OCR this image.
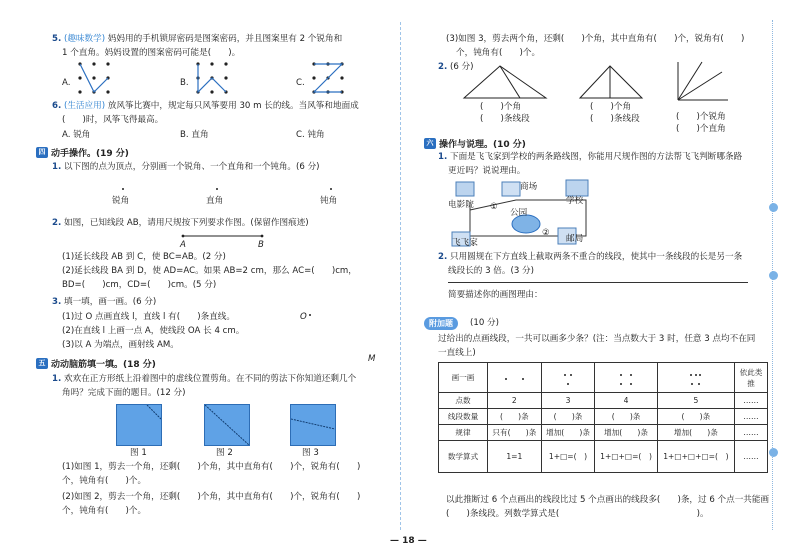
5. (趣味数学) 妈妈用的手机锁屏密码是图案密码，并且图案里有 2 个锐角和
1 个直角。妈妈设置的图案密码可能是(　　)。
A.	B.	C.
6. (生活应用) 放风筝比赛中，规定每只风筝要用 30 m 长的线。当风筝和地面成
(　　)时，风筝飞得最高。
A. 锐角	B. 直角	C. 钝角
四 动手操作。(19 分)
1. 以下图的点为顶点，分别画一个锐角、一个直角和一个钝角。(6 分)
锐角	直角	钝角
2. 如图，已知线段 AB，请用尺规按下列要求作图。(保留作图痕迹)
A	B
(1)延长线段 AB 到 C，使 BC=AB。(2 分)
(2)延长线段 BA 到 D，使 AD=AC。如果 AB=2 cm，那么 AC=(　　)cm，
BD=(　　)cm，CD=(　　)cm。(5 分)
3. 填一填，画一画。(6 分)
O
(1)过 O 点画直线 l，直线 l 有(　　)条直线。
(2)在直线 l 上画一点 A，使线段 OA 长 4 cm。
(3)以 A 为端点，画射线 AM。
五 动动脑筋填一填。(18 分)
M
1. 欢欢在正方形纸上沿着图中的虚线位置剪角。在不同的剪法下你知道还剩几个
角吗？完成下面的题目。(12 分)
图 1	图 2	图 3
(1)如图 1，剪去一个角，还剩(　　)个角，其中直角有(　　)个，锐角有(　　)
个，钝角有(　　)个。
(2)如图 2，剪去一个角，还剩(　　)个角，其中直角有(　　)个，锐角有(　　)
个，钝角有(　　)个。
(3)如图 3，剪去两个角，还剩(　　)个角，其中直角有(　　)个，锐角有(　　)
个，钝角有(　　)个。
2. (6 分)
(　　)个角
(　　)条线段
(　　)个角
(　　)条线段	(　　)个锐角
(　　)个直角
六 操作与说理。(10 分)
1. 下面是飞飞家到学校的两条路线图，你能用尺规作图的方法帮飞飞判断哪条路
更近吗？说说理由。
商场
学校
电影院
公园
飞飞家	邮局
①
②
2. 只用圆规在下方直线上截取两条不重合的线段，使其中一条线段的长是另一条
线段长的 3 倍。(3 分)
简要描述你的画图理由：
附加题	(10 分)
过给出的点画线段，一共可以画多少条？(注：当点数大于 3 时，任意 3 点均不在同
一直线上)
画一画					依此类推
点数	2	3	4	5	……
线段数量	(　　)条	(　　)条	(　　)条	(　　)条	……
规律	只有(　　)条	增加(　　)条	增加(　　)条	增加(　　)条	……
数学算式	1=1	1+□=(　)	1+□+□=(　)	1+□+□+□=(　)	……
以此推断过 6 个点画出的线段比过 5 个点画出的线段多(　　)条，过 6 个点一共能画
(　　)条线段。列数学算式是(　　　　　　　　　　　　　　　　)。
— 18 —
